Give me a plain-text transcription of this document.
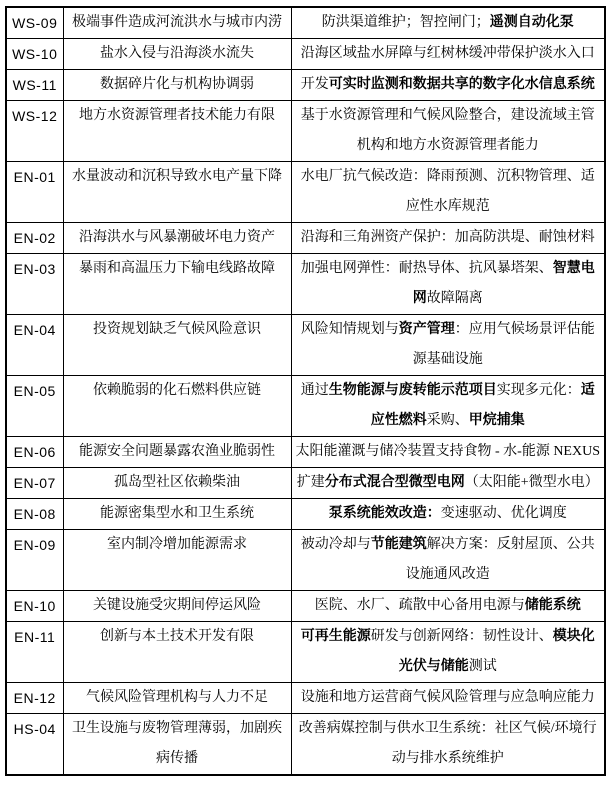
WS-09	极端事件造成河流洪水与城市内涝	防洪渠道维护；智控闸门；遥测自动化泵
WS-10	盐水入侵与沿海淡水流失	沿海区域盐水屏障与红树林缓冲带保护淡水入口
WS-11	数据碎片化与机构协调弱	开发可实时监测和数据共享的数字化水信息系统
WS-12	地方水资源管理者技术能力有限	基于水资源管理和气候风险整合，建设流域主管机构和地方水资源管理者能力
EN-01	水量波动和沉积导致水电产量下降	水电厂抗气候改造：降雨预测、沉积物管理、适应性水库规范
EN-02	沿海洪水与风暴潮破坏电力资产	沿海和三角洲资产保护：加高防洪堤、耐蚀材料
EN-03	暴雨和高温压力下输电线路故障	加强电网弹性：耐热导体、抗风暴塔架、智慧电网故障隔离
EN-04	投资规划缺乏气候风险意识	风险知情规划与资产管理：应用气候场景评估能源基础设施
EN-05	依赖脆弱的化石燃料供应链	通过生物能源与废转能示范项目实现多元化：适应性燃料采购、甲烷捕集
EN-06	能源安全问题暴露农渔业脆弱性	太阳能灌溉与储冷装置支持食物 - 水-能源 NEXUS
EN-07	孤岛型社区依赖柴油	扩建分布式混合型微型电网（太阳能+微型水电）
EN-08	能源密集型水和卫生系统	泵系统能效改造：变速驱动、优化调度
EN-09	室内制冷增加能源需求	被动冷却与节能建筑解决方案：反射屋顶、公共设施通风改造
EN-10	关键设施受灾期间停运风险	医院、水厂、疏散中心备用电源与储能系统
EN-11	创新与本土技术开发有限	可再生能源研发与创新网络：韧性设计、模块化光伏与储能测试
EN-12	气候风险管理机构与人力不足	设施和地方运营商气候风险管理与应急响应能力
HS-04	卫生设施与废物管理薄弱，加剧疾病传播	改善病媒控制与供水卫生系统：社区气候/环境行动与排水系统维护
